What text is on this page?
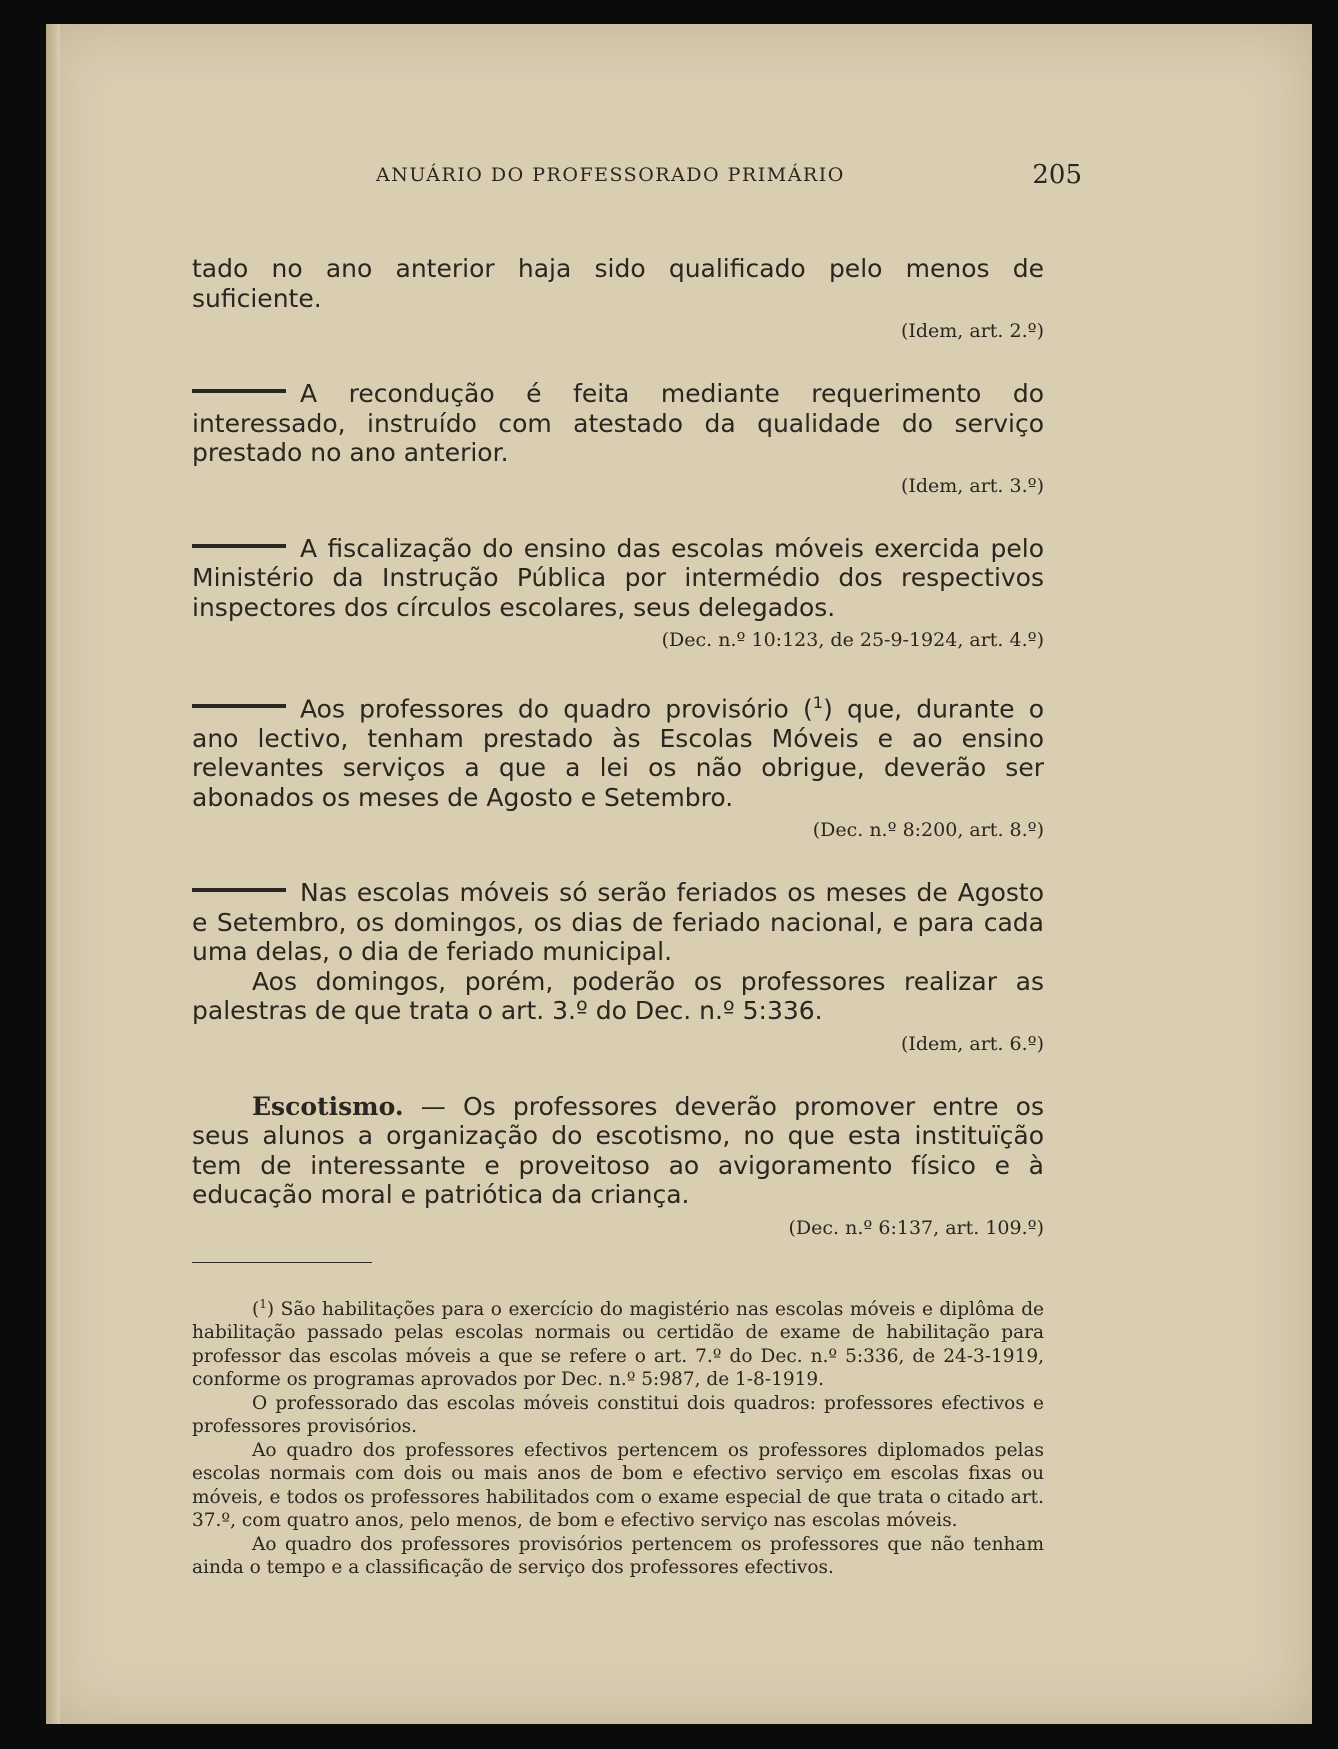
ANUÁRIO DO PROFESSORADO PRIMÁRIO	205

tado no ano anterior haja sido qualificado pelo menos de suficiente.

(Idem, art. 2.º)

A recondução é feita mediante requerimento do interessado, instruído com atestado da qualidade do serviço prestado no ano anterior.

(Idem, art. 3.º)

A fiscalização do ensino das escolas móveis exercida pelo Ministério da Instrução Pública por intermédio dos respectivos inspectores dos círculos escolares, seus delegados.

(Dec. n.º 10:123, de 25-9-1924, art. 4.º)

Aos professores do quadro provisório ($^1$) que, durante o ano lectivo, tenham prestado às Escolas Móveis e ao ensino relevantes serviços a que a lei os não obrigue, deverão ser abonados os meses de Agosto e Setembro.

(Dec. n.º 8:200, art. 8.º)

Nas escolas móveis só serão feriados os meses de Agosto e Setembro, os domingos, os dias de feriado nacional, e para cada uma delas, o dia de feriado municipal.

Aos domingos, porém, poderão os professores realizar as palestras de que trata o art. 3.º do Dec. n.º 5:336.

(Idem, art. 6.º)

Escotismo. — Os professores deverão promover entre os seus alunos a organização do escotismo, no que esta instituïção tem de interessante e proveitoso ao avigoramento físico e à educação moral e patriótica da criança.

(Dec. n.º 6:137, art. 109.º)

($^1$) São habilitações para o exercício do magistério nas escolas móveis e diplôma de habilitação passado pelas escolas normais ou certidão de exame de habilitação para professor das escolas móveis a que se refere o art. 7.º do Dec. n.º 5:336, de 24-3-1919, conforme os programas aprovados por Dec. n.º 5:987, de 1-8-1919.

O professorado das escolas móveis constitui dois quadros: professores efectivos e professores provisórios.

Ao quadro dos professores efectivos pertencem os professores diplomados pelas escolas normais com dois ou mais anos de bom e efectivo serviço em escolas fixas ou móveis, e todos os professores habilitados com o exame especial de que trata o citado art. 37.º, com quatro anos, pelo menos, de bom e efectivo serviço nas escolas móveis.

Ao quadro dos professores provisórios pertencem os professores que não tenham ainda o tempo e a classificação de serviço dos professores efectivos.
